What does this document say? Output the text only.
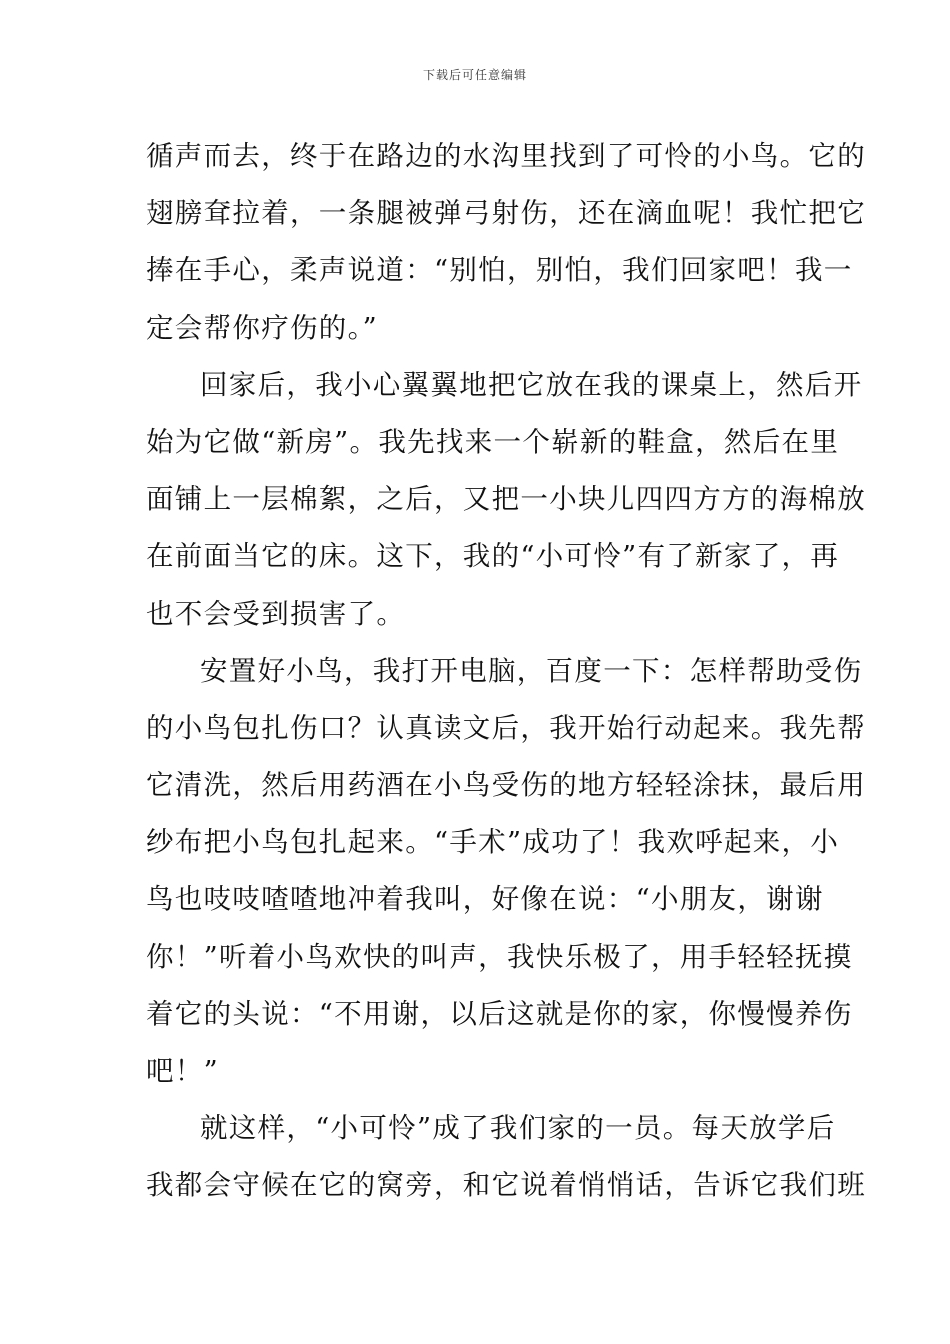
下载后可任意编辑
循声而去，终于在路边的水沟里找到了可怜的小鸟。它的
翅膀耷拉着，一条腿被弹弓射伤，还在滴血呢！我忙把它
捧在手心，柔声说道：“别怕，别怕，我们回家吧！我一
定会帮你疗伤的。”
回家后，我小心翼翼地把它放在我的课桌上，然后开
始为它做“新房”。我先找来一个崭新的鞋盒，然后在里
面铺上一层棉絮，之后，又把一小块儿四四方方的海棉放
在前面当它的床。这下，我的“小可怜”有了新家了，再
也不会受到损害了。
安置好小鸟，我打开电脑，百度一下：怎样帮助受伤
的小鸟包扎伤口？认真读文后，我开始行动起来。我先帮
它清洗，然后用药酒在小鸟受伤的地方轻轻涂抹，最后用
纱布把小鸟包扎起来。“手术”成功了！我欢呼起来，小
鸟也吱吱喳喳地冲着我叫，好像在说：“小朋友，谢谢
你！”听着小鸟欢快的叫声，我快乐极了，用手轻轻抚摸
着它的头说：“不用谢，以后这就是你的家，你慢慢养伤
吧！”
就这样，“小可怜”成了我们家的一员。每天放学后
我都会守候在它的窝旁，和它说着悄悄话，告诉它我们班
